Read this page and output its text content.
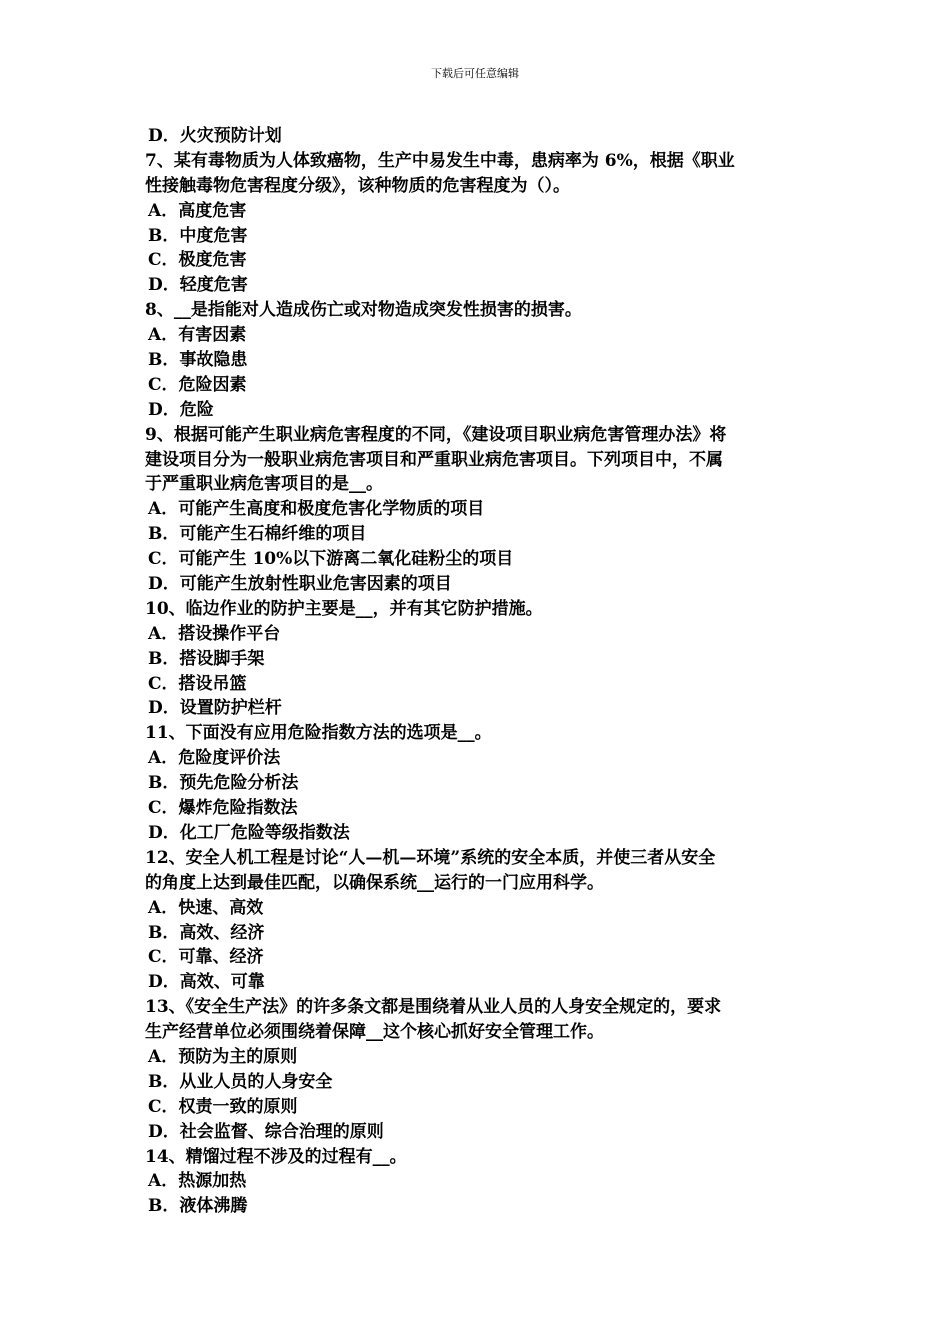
下载后可任意编辑
D．火灾预防计划
7、某有毒物质为人体致癌物，生产中易发生中毒，患病率为 6%，根据《职业
性接触毒物危害程度分级》，该种物质的危害程度为（）。
A．高度危害
B．中度危害
C．极度危害
D．轻度危害
8、__是指能对人造成伤亡或对物造成突发性损害的损害。
A．有害因素
B．事故隐患
C．危险因素
D．危险
9、根据可能产生职业病危害程度的不同，《建设项目职业病危害管理办法》将
建设项目分为一般职业病危害项目和严重职业病危害项目。下列项目中，不属
于严重职业病危害项目的是__。
A．可能产生高度和极度危害化学物质的项目
B．可能产生石棉纤维的项目
C．可能产生 10%以下游离二氧化硅粉尘的项目
D．可能产生放射性职业危害因素的项目
10、临边作业的防护主要是__，并有其它防护措施。
A．搭设操作平台
B．搭设脚手架
C．搭设吊篮
D．设置防护栏杆
11、下面没有应用危险指数方法的选项是__。
A．危险度评价法
B．预先危险分析法
C．爆炸危险指数法
D．化工厂危险等级指数法
12、安全人机工程是讨论“人—机—环境”系统的安全本质，并使三者从安全
的角度上达到最佳匹配，以确保系统__运行的一门应用科学。
A．快速、高效
B．高效、经济
C．可靠、经济
D．高效、可靠
13、《安全生产法》的许多条文都是围绕着从业人员的人身安全规定的，要求
生产经营单位必须围绕着保障__这个核心抓好安全管理工作。
A．预防为主的原则
B．从业人员的人身安全
C．权责一致的原则
D．社会监督、综合治理的原则
14、精馏过程不涉及的过程有__。
A．热源加热
B．液体沸腾
